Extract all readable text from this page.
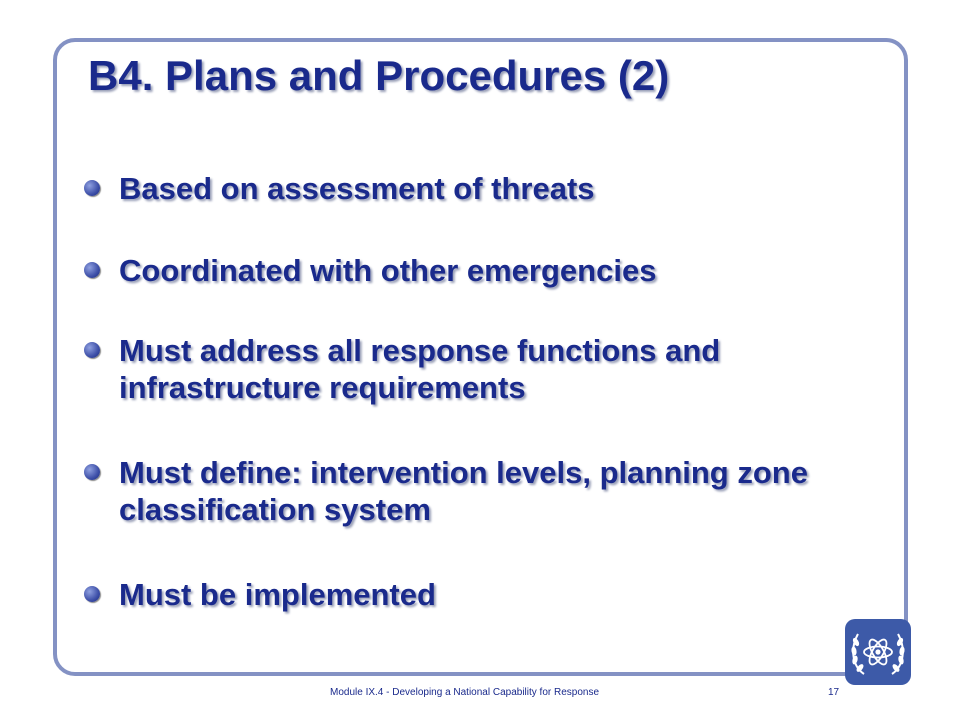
B4. Plans and Procedures (2)
Based on assessment of threats
Coordinated with other emergencies
Must address all response functions and infrastructure requirements
Must define: intervention levels, planning zone classification system
Must be implemented
Module IX.4 - Developing a National Capability for Response	17
